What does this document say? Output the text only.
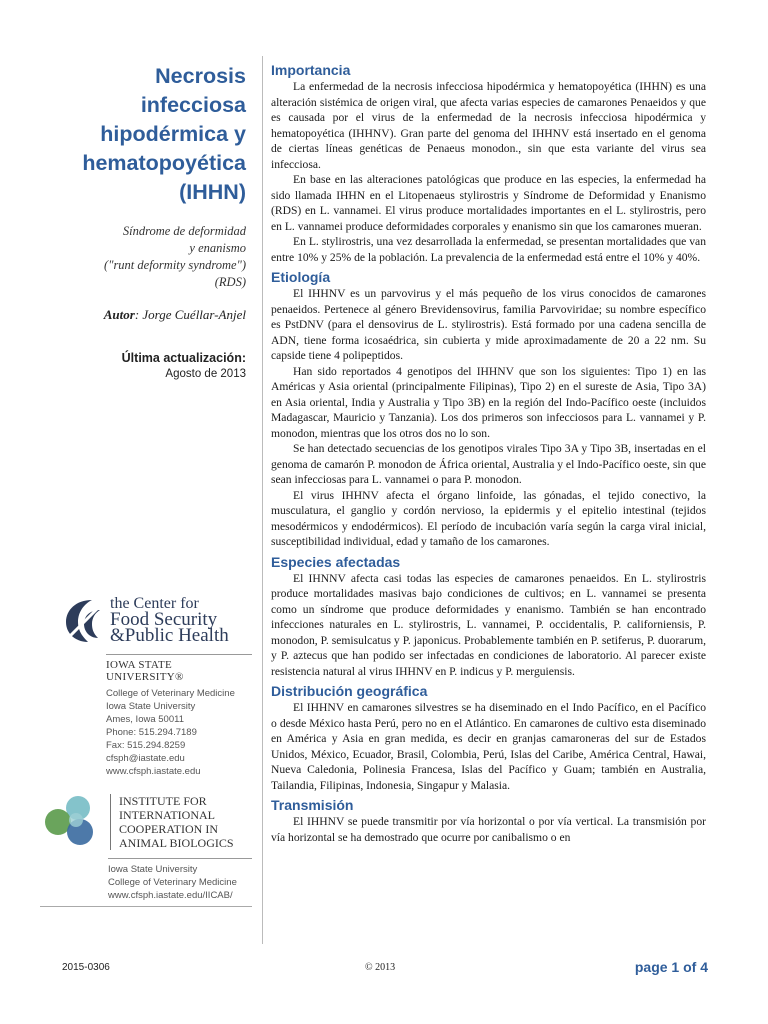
Necrosis
infecciosa
hipodérmica y
hematopoyética
(IHHN)
Síndrome de deformidad
y enanismo
("runt deformity syndrome")
(RDS)
Autor: Jorge Cuéllar-Anjel
Última actualización:
Agosto de 2013
the Center for
Food Security
&Public Health
IOWA STATE UNIVERSITY®
College of Veterinary Medicine
Iowa State University
Ames, Iowa 50011
Phone: 515.294.7189
Fax: 515.294.8259
cfsph@iastate.edu
www.cfsph.iastate.edu
INSTITUTE FOR
INTERNATIONAL
COOPERATION IN
ANIMAL BIOLOGICS
Iowa State University
College of Veterinary Medicine
www.cfsph.iastate.edu/IICAB/
Importancia

La enfermedad de la necrosis infecciosa hipodérmica y hematopoyética (IHHN) es una alteración sistémica de origen viral, que afecta varias especies de camarones Penaeidos y que es causada por el virus de la enfermedad de la necrosis infecciosa hipodérmica y hematopoyética (IHHNV). Gran parte del genoma del IHHNV está insertado en el genoma de ciertas líneas genéticas de Penaeus monodon., sin que esta variante del virus sea infecciosa.

En base en las alteraciones patológicas que produce en las especies, la enfermedad ha sido llamada IHHN en el Litopenaeus stylirostris y Síndrome de Deformidad y Enanismo (RDS) en L. vannamei. El virus produce mortalidades importantes en el L. stylirostris, pero en L. vannamei produce deformidades corporales y enanismo sin que los camarones mueran.

En L. stylirostris, una vez desarrollada la enfermedad, se presentan mortalidades que van entre 10% y 25% de la población. La prevalencia de la enfermedad está entre el 10% y 40%.

Etiología

El IHHNV es un parvovirus y el más pequeño de los virus conocidos de camarones penaeidos. Pertenece al género Brevidensovirus, familia Parvoviridae; su nombre específico es PstDNV (para el densovirus de L. stylirostris). Está formado por una cadena sencilla de ADN, tiene forma icosaédrica, sin cubierta y mide aproximadamente de 20 a 22 nm. Su capside tiene 4 polipeptidos.

Han sido reportados 4 genotipos del IHHNV que son los siguientes: Tipo 1) en las Américas y Asia oriental (principalmente Filipinas), Tipo 2) en el sureste de Asia, Tipo 3A) en Asia oriental, India y Australia y Tipo 3B) en la región del Indo-Pacífico oeste (incluidos Madagascar, Mauricio y Tanzania). Los dos primeros son infecciosos para L. vannamei y P. monodon, mientras que los otros dos no lo son.

Se han detectado secuencias de los genotipos virales Tipo 3A y Tipo 3B, insertadas en el genoma de camarón P. monodon de África oriental, Australia y el Indo-Pacífico oeste, sin que sean infecciosas para L. vannamei o para P. monodon.

El virus IHHNV afecta el órgano linfoide, las gónadas, el tejido conectivo, la musculatura, el ganglio y cordón nervioso, la epidermis y el epitelio intestinal (tejidos mesodérmicos y endodérmicos). El período de incubación varía según la carga viral inicial, susceptibilidad individual, edad y tamaño de los camarones.

Especies afectadas

El IHNNV afecta casi todas las especies de camarones penaeidos. En L. stylirostris produce mortalidades masivas bajo condiciones de cultivos; en L. vannamei se presenta como un síndrome que produce deformidades y enanismo. También se han encontrado infecciones naturales en L. stylirostris, L. vannamei, P. occidentalis, P. californiensis, P. monodon, P. semisulcatus y P. japonicus. Probablemente también en P. setiferus, P. duorarum, y P. aztecus que han podido ser infectadas en condiciones de laboratorio. Al parecer existe resistencia natural al virus IHHNV en P. indicus y P. merguiensis.

Distribución geográfica

El IHHNV en camarones silvestres se ha diseminado en el Indo Pacífico, en el Pacífico o desde México hasta Perú, pero no en el Atlántico. En camarones de cultivo esta diseminado en América y Asia en gran medida, es decir en granjas camaroneras del sur de Estados Unidos, México, Ecuador, Brasil, Colombia, Perú, Islas del Caribe, América Central, Hawai, Nueva Caledonia, Polinesia Francesa, Islas del Pacífico y Guam; también en Australia, Tailandia, Filipinas, Indonesia, Singapur y Malasia.

Transmisión

El IHHNV se puede transmitir por vía horizontal o por vía vertical. La transmisión por vía horizontal se ha demostrado que ocurre por canibalismo o en

2015-0306	© 2013	page 1 of 4
